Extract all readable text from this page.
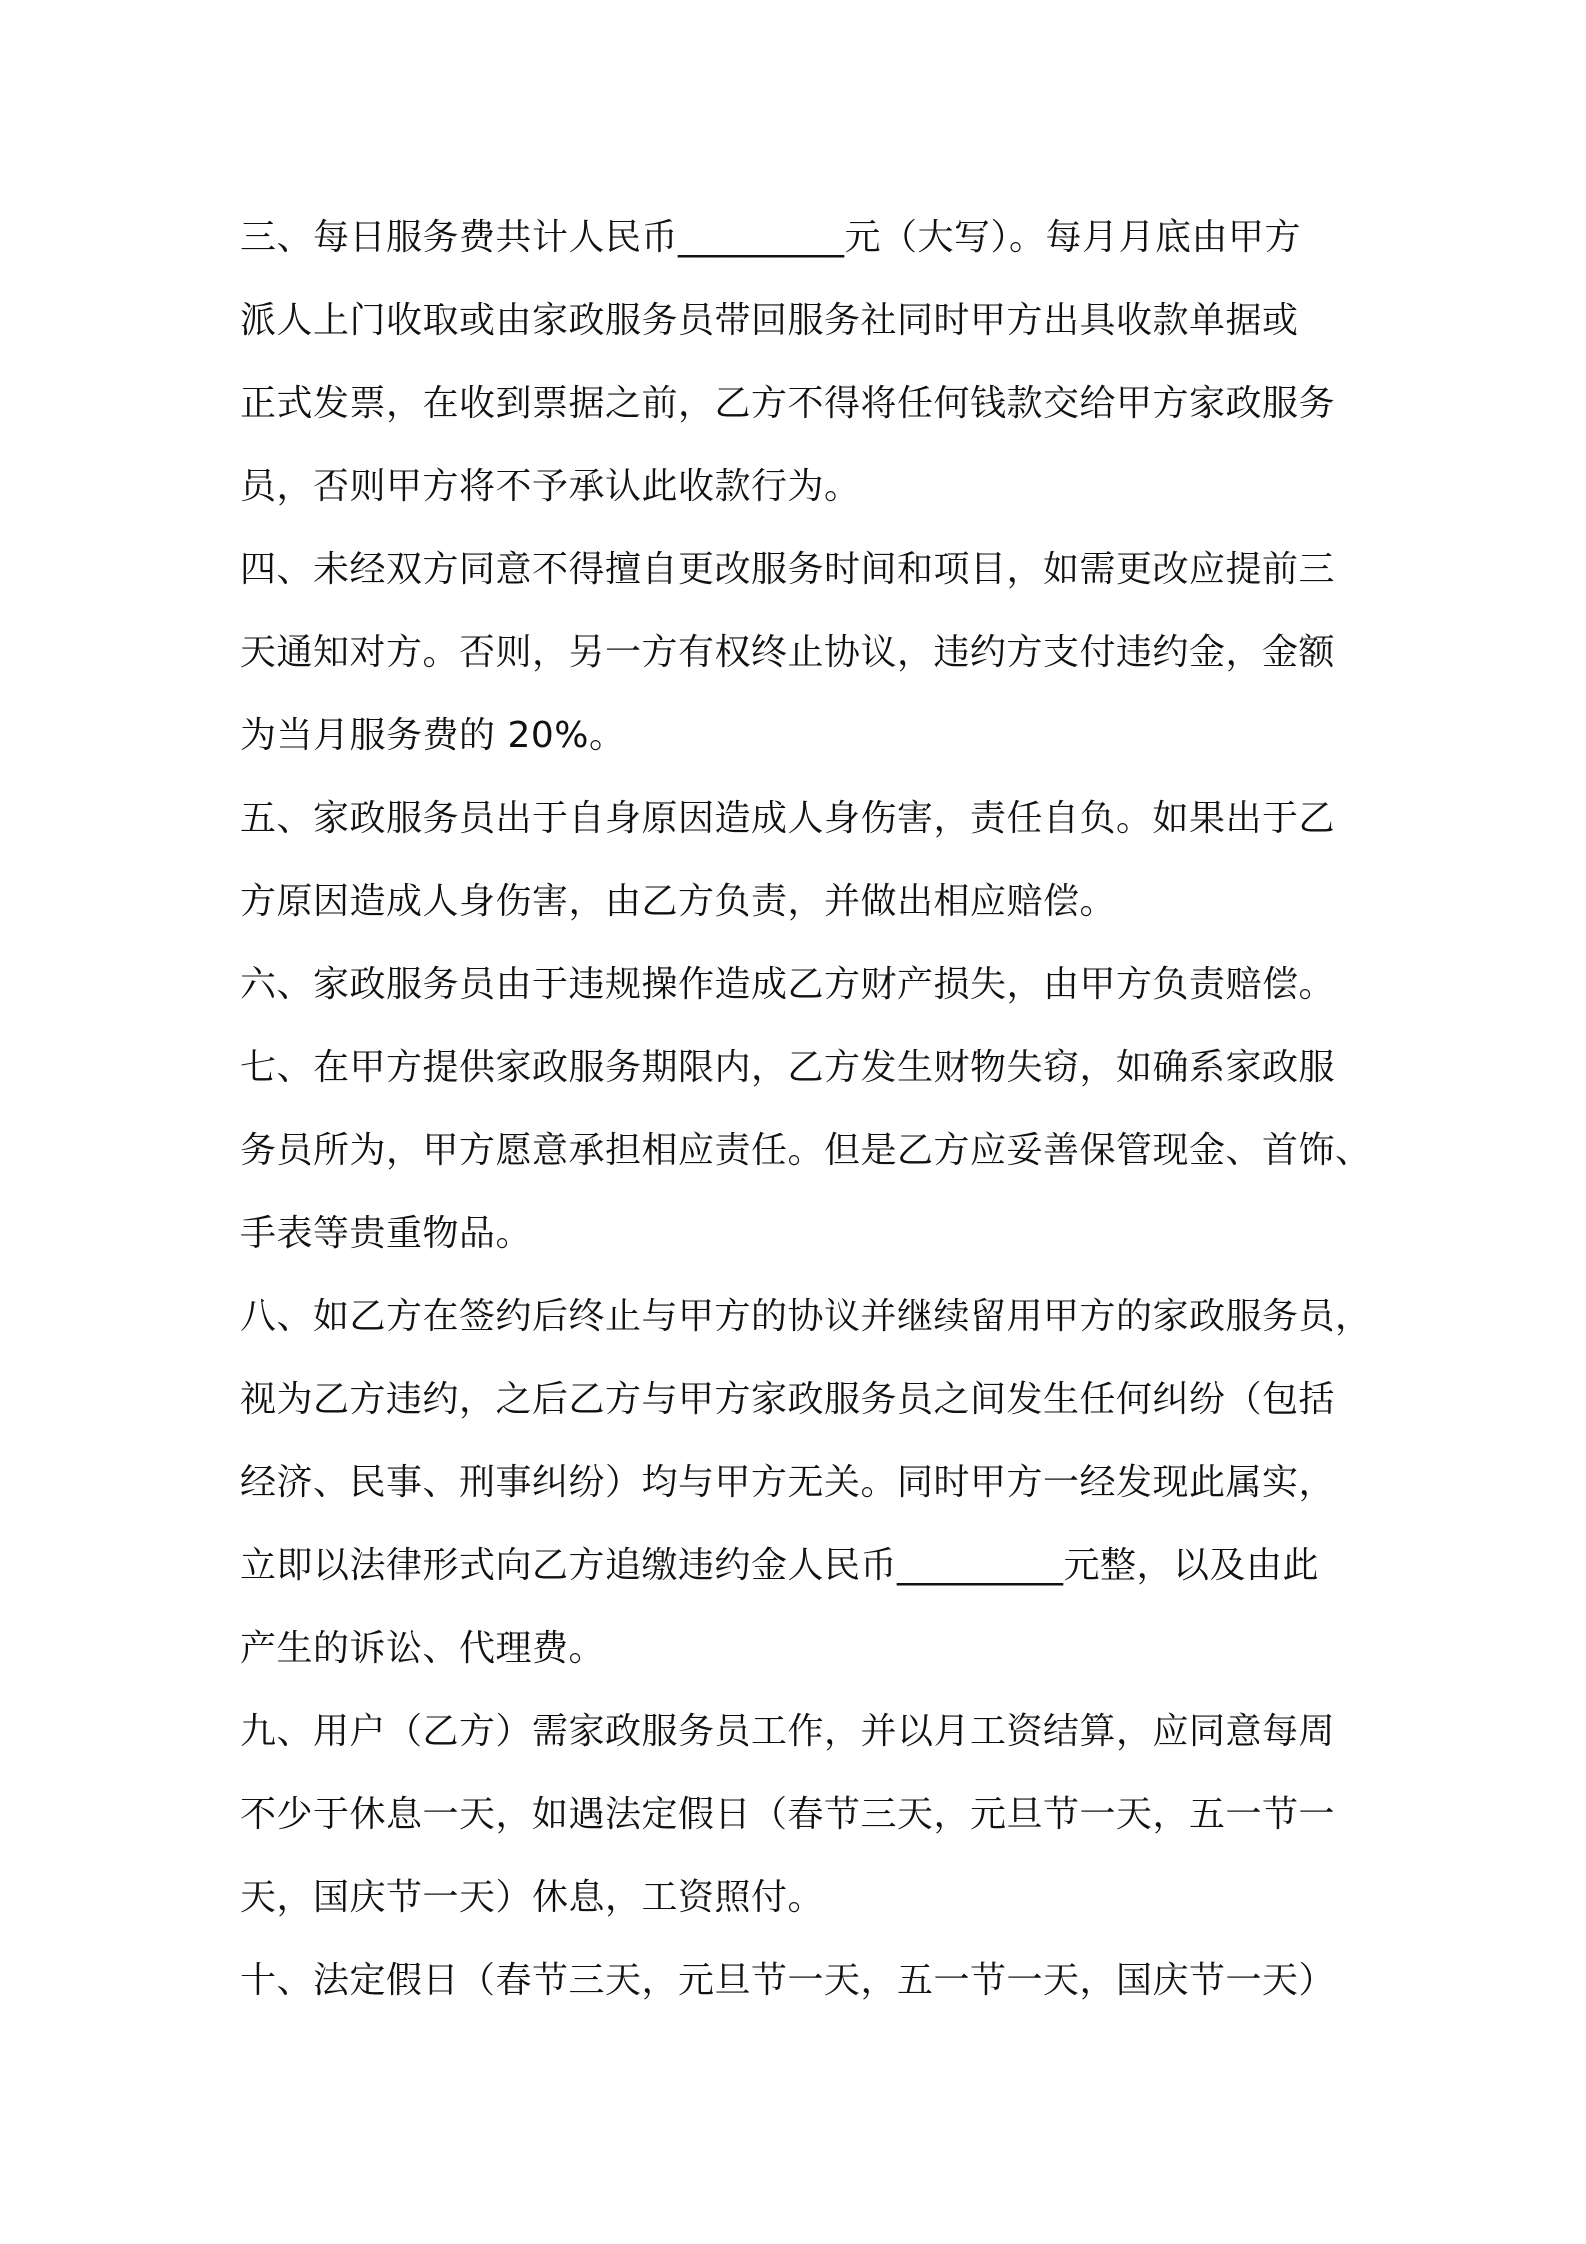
三、每日服务费共计人民币_________元（大写）。每月月底由甲方
派人上门收取或由家政服务员带回服务社同时甲方出具收款单据或
正式发票，在收到票据之前，乙方不得将任何钱款交给甲方家政服务
员，否则甲方将不予承认此收款行为。
四、未经双方同意不得擅自更改服务时间和项目，如需更改应提前三
天通知对方。否则，另一方有权终止协议，违约方支付违约金，金额
为当月服务费的 20%。
五、家政服务员出于自身原因造成人身伤害，责任自负。如果出于乙
方原因造成人身伤害，由乙方负责，并做出相应赔偿。
六、家政服务员由于违规操作造成乙方财产损失，由甲方负责赔偿。
七、在甲方提供家政服务期限内，乙方发生财物失窃，如确系家政服
务员所为，甲方愿意承担相应责任。但是乙方应妥善保管现金、首饰、
手表等贵重物品。
八、如乙方在签约后终止与甲方的协议并继续留用甲方的家政服务员，
视为乙方违约，之后乙方与甲方家政服务员之间发生任何纠纷（包括
经济、民事、刑事纠纷）均与甲方无关。同时甲方一经发现此属实，
立即以法律形式向乙方追缴违约金人民币_________元整，以及由此
产生的诉讼、代理费。
九、用户（乙方）需家政服务员工作，并以月工资结算，应同意每周
不少于休息一天，如遇法定假日（春节三天，元旦节一天，五一节一
天，国庆节一天）休息，工资照付。
十、法定假日（春节三天，元旦节一天，五一节一天，国庆节一天）
